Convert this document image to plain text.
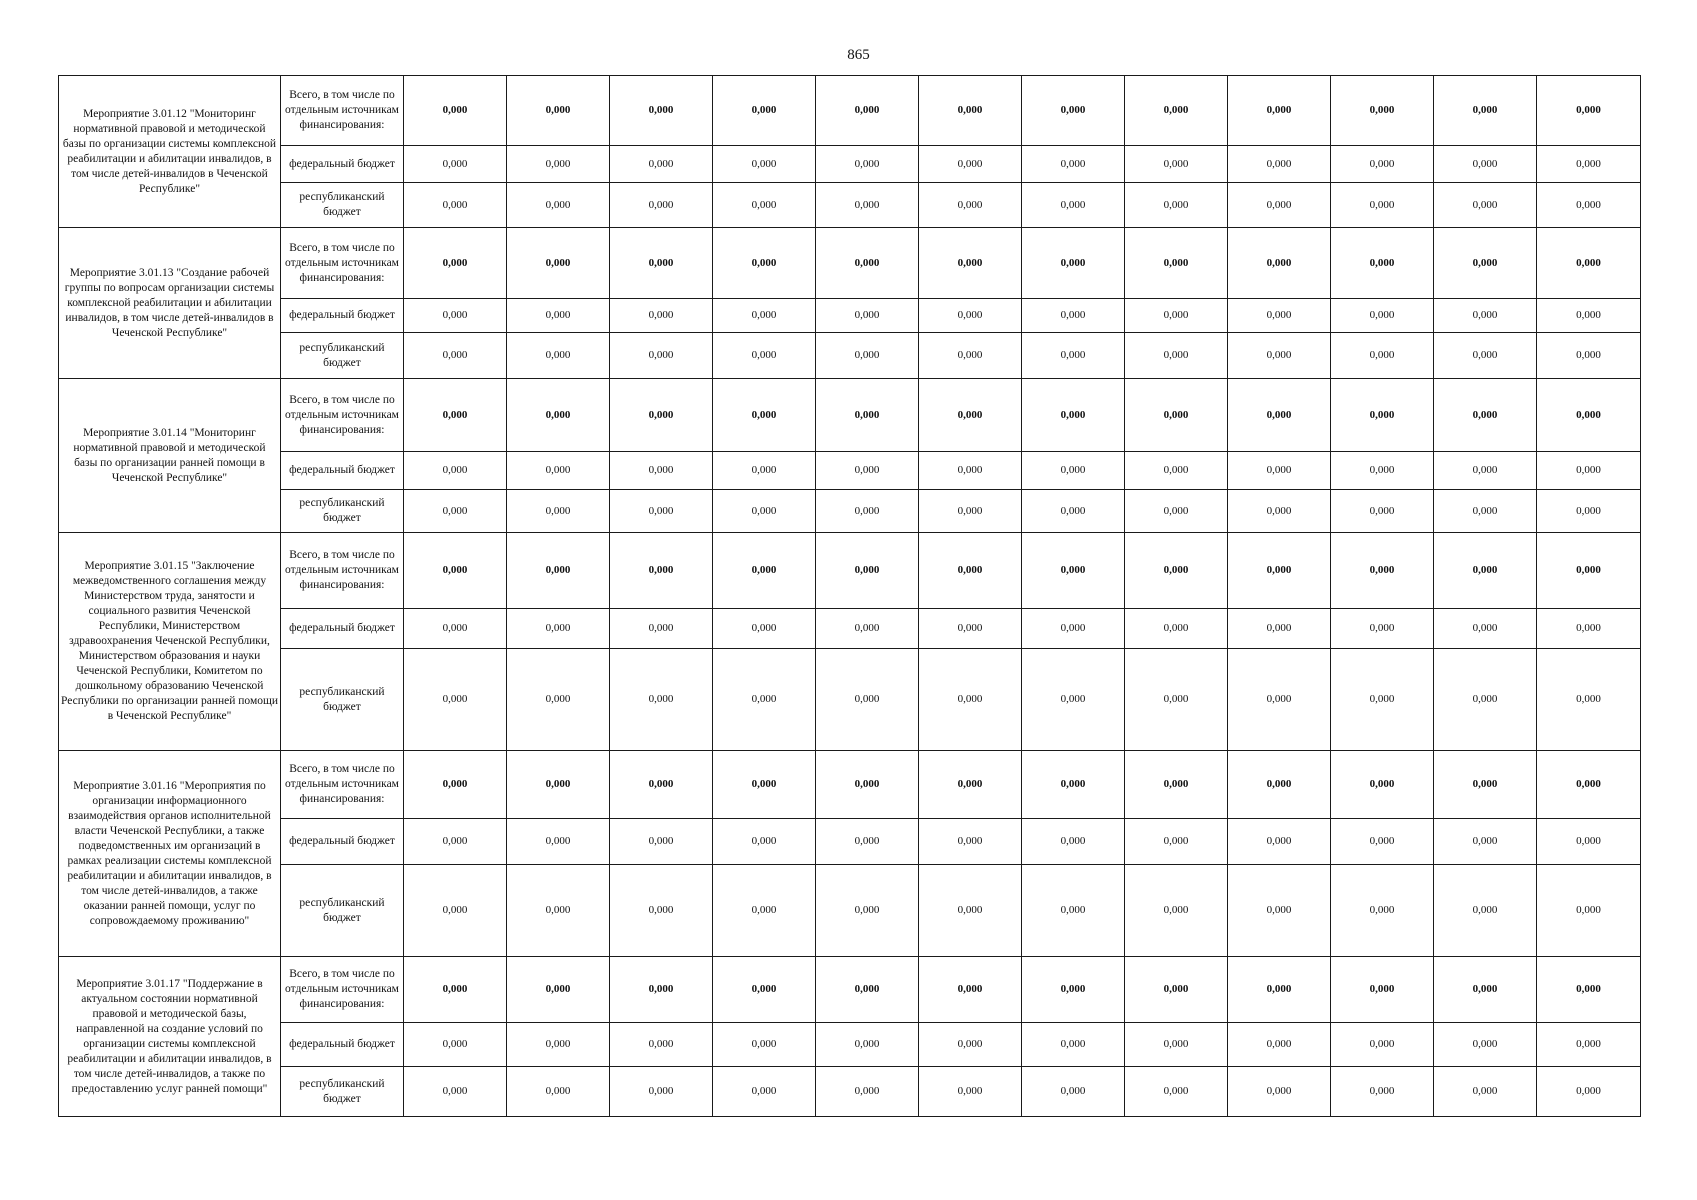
865
Мероприятие 3.01.12 "Мониторинг нормативной правовой и методической базы по организации системы комплексной реабилитации и абилитации инвалидов, в том числе детей-инвалидов в Чеченской Республике"	Всего, в том числе по отдельным источникам финансирования:	0,000	0,000	0,000	0,000	0,000	0,000	0,000	0,000	0,000	0,000	0,000	0,000
	федеральный бюджет	0,000	0,000	0,000	0,000	0,000	0,000	0,000	0,000	0,000	0,000	0,000	0,000
	республиканский бюджет	0,000	0,000	0,000	0,000	0,000	0,000	0,000	0,000	0,000	0,000	0,000	0,000
Мероприятие 3.01.13 "Создание рабочей группы по вопросам организации системы комплексной реабилитации и абилитации инвалидов, в том числе детей-инвалидов в Чеченской Республике"	Всего, в том числе по отдельным источникам финансирования:	0,000	0,000	0,000	0,000	0,000	0,000	0,000	0,000	0,000	0,000	0,000	0,000
	федеральный бюджет	0,000	0,000	0,000	0,000	0,000	0,000	0,000	0,000	0,000	0,000	0,000	0,000
	республиканский бюджет	0,000	0,000	0,000	0,000	0,000	0,000	0,000	0,000	0,000	0,000	0,000	0,000
Мероприятие 3.01.14 "Мониторинг нормативной правовой и методической базы по организации ранней помощи в Чеченской Республике"	Всего, в том числе по отдельным источникам финансирования:	0,000	0,000	0,000	0,000	0,000	0,000	0,000	0,000	0,000	0,000	0,000	0,000
	федеральный бюджет	0,000	0,000	0,000	0,000	0,000	0,000	0,000	0,000	0,000	0,000	0,000	0,000
	республиканский бюджет	0,000	0,000	0,000	0,000	0,000	0,000	0,000	0,000	0,000	0,000	0,000	0,000
Мероприятие 3.01.15 "Заключение межведомственного соглашения между Министерством труда, занятости и социального развития Чеченской Республики, Министерством здравоохранения Чеченской Республики, Министерством образования и науки Чеченской Республики, Комитетом по дошкольному образованию Чеченской Республики по организации ранней помощи в Чеченской Республике"	Всего, в том числе по отдельным источникам финансирования:	0,000	0,000	0,000	0,000	0,000	0,000	0,000	0,000	0,000	0,000	0,000	0,000
	федеральный бюджет	0,000	0,000	0,000	0,000	0,000	0,000	0,000	0,000	0,000	0,000	0,000	0,000
	республиканский бюджет	0,000	0,000	0,000	0,000	0,000	0,000	0,000	0,000	0,000	0,000	0,000	0,000
Мероприятие 3.01.16 "Мероприятия по организации информационного взаимодействия органов исполнительной власти Чеченской Республики, а также подведомственных им организаций в рамках реализации системы комплексной реабилитации и абилитации инвалидов, в том числе детей-инвалидов, а также оказании ранней помощи, услуг по сопровождаемому проживанию"	Всего, в том числе по отдельным источникам финансирования:	0,000	0,000	0,000	0,000	0,000	0,000	0,000	0,000	0,000	0,000	0,000	0,000
	федеральный бюджет	0,000	0,000	0,000	0,000	0,000	0,000	0,000	0,000	0,000	0,000	0,000	0,000
	республиканский бюджет	0,000	0,000	0,000	0,000	0,000	0,000	0,000	0,000	0,000	0,000	0,000	0,000
Мероприятие 3.01.17 "Поддержание в актуальном состоянии нормативной правовой и методической базы, направленной на создание условий по организации системы комплексной реабилитации и абилитации инвалидов, в том числе детей-инвалидов, а также по предоставлению услуг ранней помощи"	Всего, в том числе по отдельным источникам финансирования:	0,000	0,000	0,000	0,000	0,000	0,000	0,000	0,000	0,000	0,000	0,000	0,000
	федеральный бюджет	0,000	0,000	0,000	0,000	0,000	0,000	0,000	0,000	0,000	0,000	0,000	0,000
	республиканский бюджет	0,000	0,000	0,000	0,000	0,000	0,000	0,000	0,000	0,000	0,000	0,000	0,000
